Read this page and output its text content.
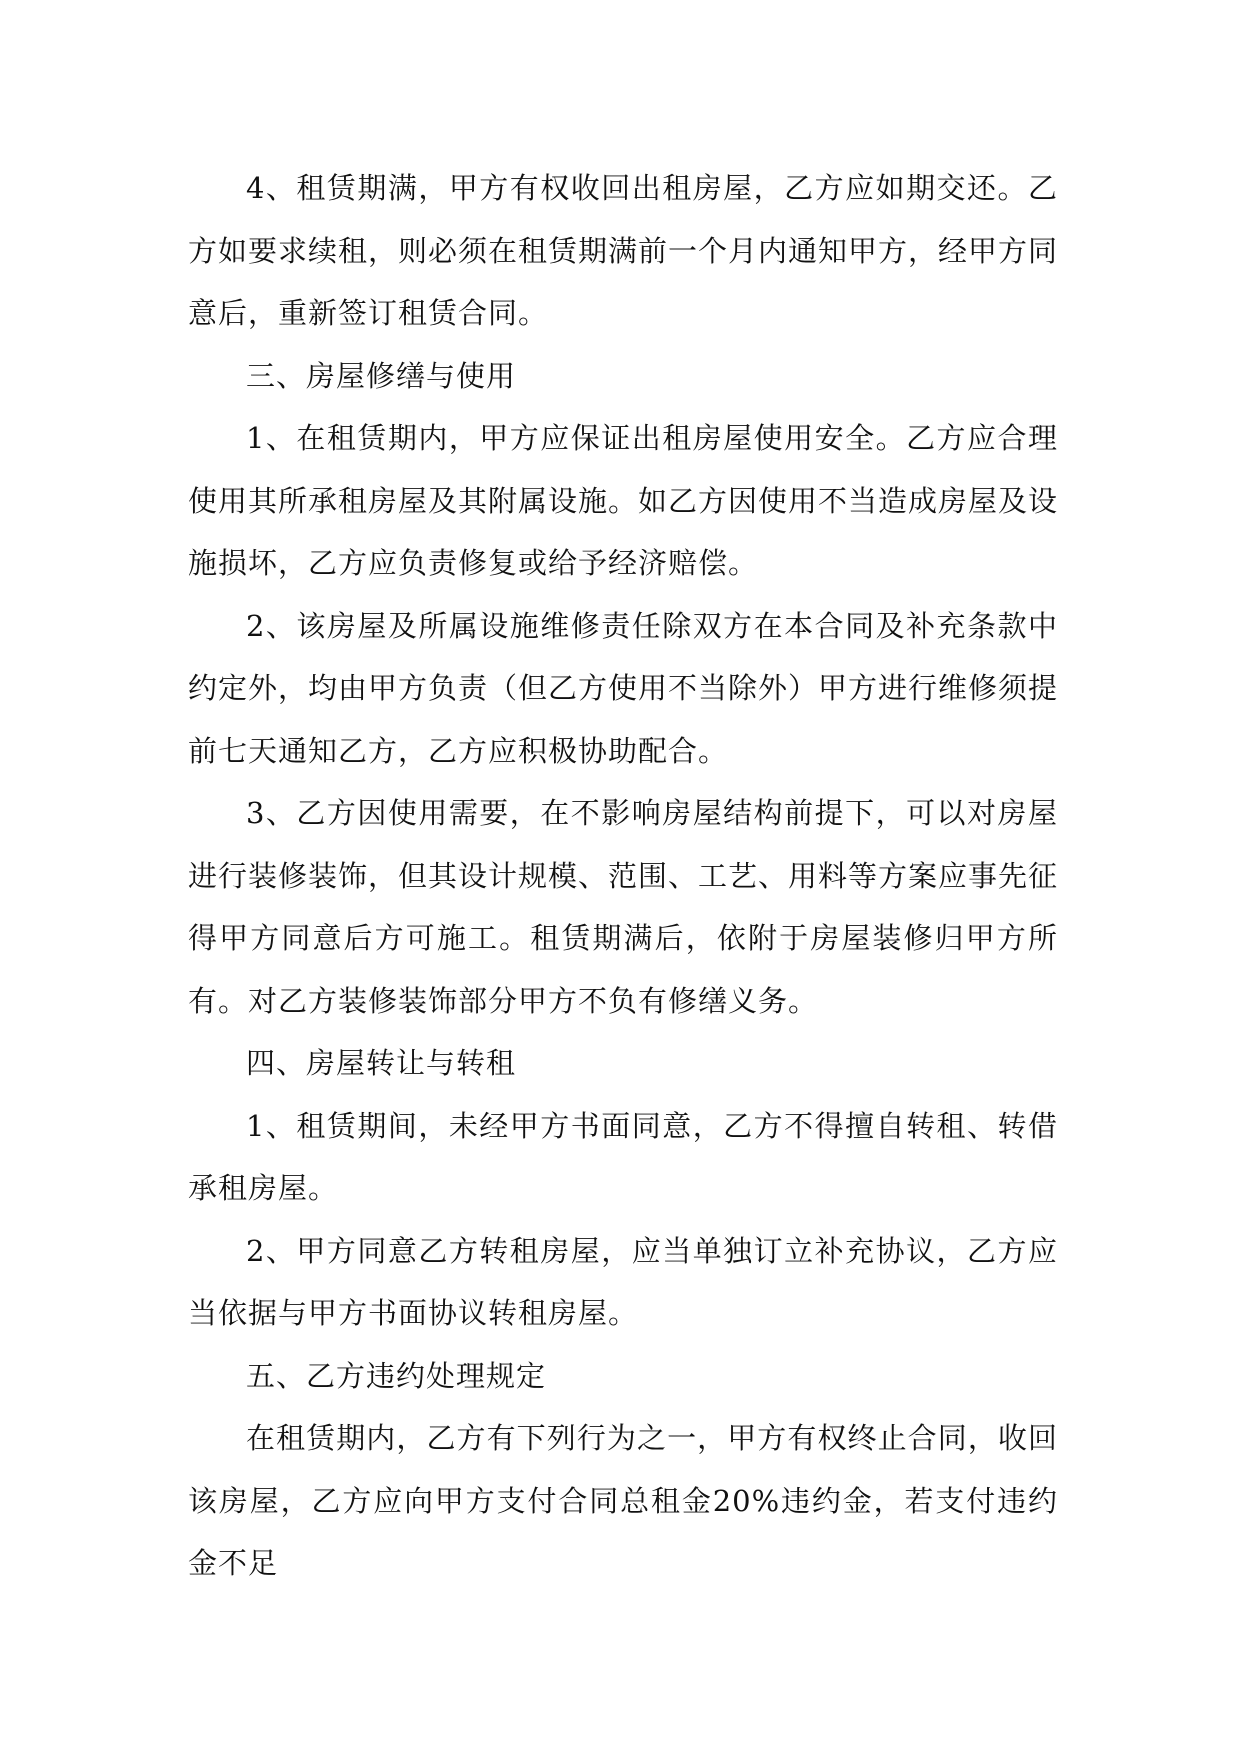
4、租赁期满，甲方有权收回出租房屋，乙方应如期交还。乙方如要求续租，则必须在租赁期满前一个月内通知甲方，经甲方同意后，重新签订租赁合同。

三、房屋修缮与使用

1、在租赁期内，甲方应保证出租房屋使用安全。乙方应合理使用其所承租房屋及其附属设施。如乙方因使用不当造成房屋及设施损坏，乙方应负责修复或给予经济赔偿。

2、该房屋及所属设施维修责任除双方在本合同及补充条款中约定外，均由甲方负责（但乙方使用不当除外）甲方进行维修须提前七天通知乙方，乙方应积极协助配合。

3、乙方因使用需要，在不影响房屋结构前提下，可以对房屋进行装修装饰，但其设计规模、范围、工艺、用料等方案应事先征得甲方同意后方可施工。租赁期满后，依附于房屋装修归甲方所有。对乙方装修装饰部分甲方不负有修缮义务。

四、房屋转让与转租

1、租赁期间，未经甲方书面同意，乙方不得擅自转租、转借承租房屋。

2、甲方同意乙方转租房屋，应当单独订立补充协议，乙方应当依据与甲方书面协议转租房屋。

五、乙方违约处理规定

在租赁期内，乙方有下列行为之一，甲方有权终止合同，收回该房屋，乙方应向甲方支付合同总租金20%违约金，若支付违约金不足
